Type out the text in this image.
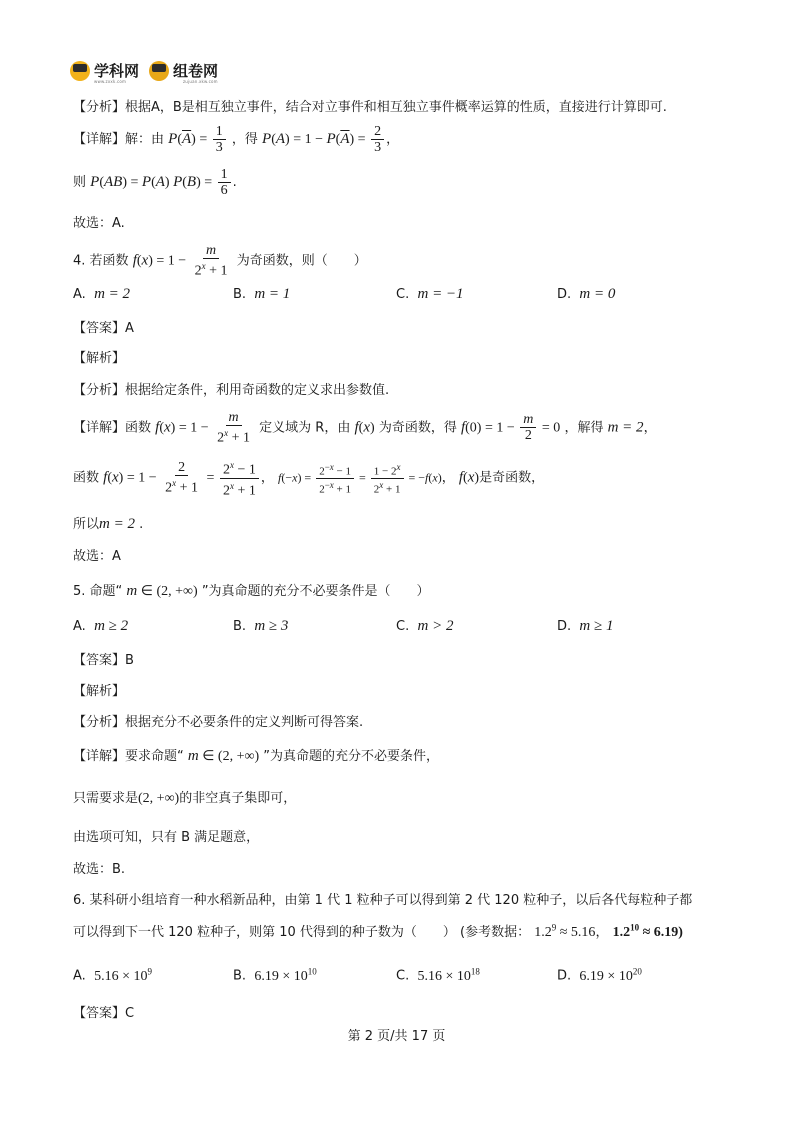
学科网 组卷网
www.zxxk.com	zujuan.xkw.com
【分析】根据A，B是相互独立事件，结合对立事件和相互独立事件概率运算的性质，直接进行计算即可.
【详解】解：由 $P(\overline{A}) = \frac{1}{3}$ ，得 $P(A) = 1 - P(\overline{A}) = \frac{2}{3}$ ，
则 P(AB) = P(A) $P(B) = \frac{1}{6}$ .
故选：A.
4. 若函数 $f(x) = 1 - \frac{m}{2^x + 1}$ 为奇函数，则（　　）
A. m = 2	B. m = 1	C. m = −1	D. m = 0
【答案】A
【解析】
【分析】根据给定条件，利用奇函数的定义求出参数值.
【详解】函数 $f(x) = 1 - \frac{m}{2^x + 1}$ 定义域为 R，由 f(x) 为奇函数，得 $f(0) = 1 - \frac{m}{2} = 0$ ，解得 m = 2，
函数 $f(x) = 1 - \frac{2}{2^x + 1} = \frac{2^x - 1}{2^x + 1}$ ， $f(-x) = \frac{2^{-x} - 1}{2^{-x} + 1} = \frac{1 - 2^x}{2^x + 1} = -f(x)$， f(x)是奇函数，
所以m = 2 .
故选：A
5. 命题“ m ∈ (2, +∞) ”为真命题的充分不必要条件是（　　）
A. m ≥ 2	B. m ≥ 3	C. m > 2	D. m ≥ 1
【答案】B
【解析】
【分析】根据充分不必要条件的定义判断可得答案.
【详解】要求命题“ m ∈ (2, +∞) ”为真命题的充分不必要条件，
只需要求是(2, +∞)的非空真子集即可，
由选项可知，只有 B 满足题意，
故选：B.
6. 某科研小组培育一种水稻新品种，由第 1 代 1 粒种子可以得到第 2 代 120 粒种子，以后各代每粒种子都
可以得到下一代 120 粒种子，则第 10 代得到的种子数为（　　） (参考数据： $1.2^9 \approx 5.16$， $1.2^{10} \approx 6.19$)
A. $5.16 \times 10^9$	B. $6.19 \times 10^{10}$	C. $5.16 \times 10^{18}$	D. $6.19 \times 10^{20}$
【答案】C
第 2 页/共 17 页
